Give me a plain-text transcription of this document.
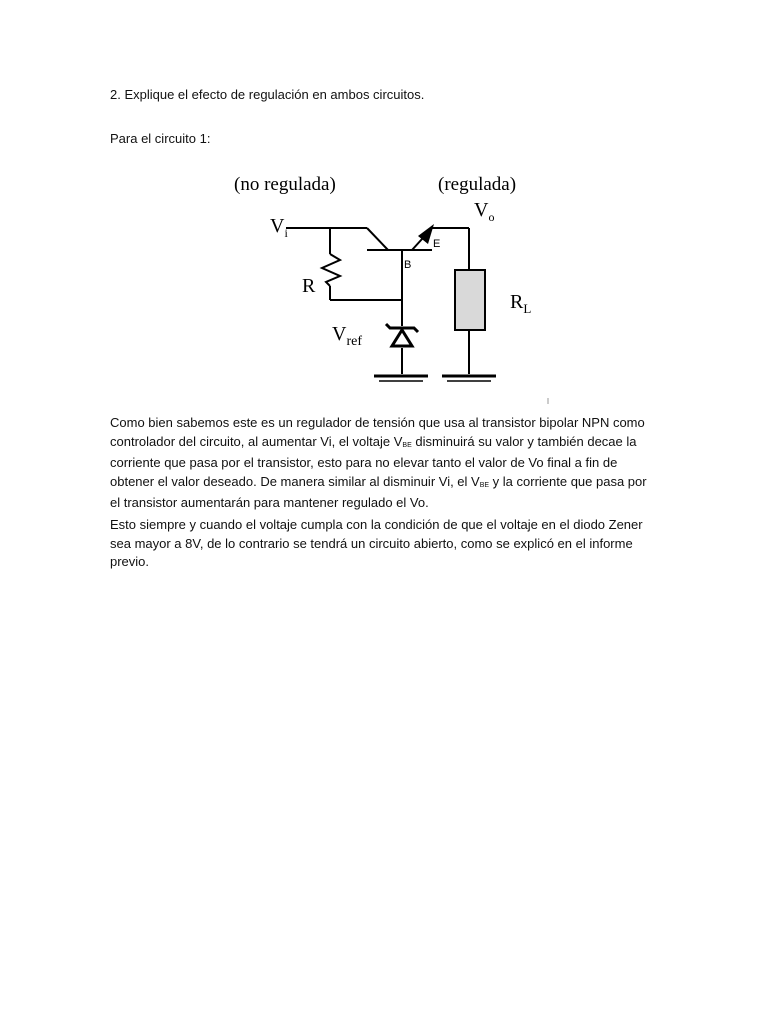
2. Explique el efecto de regulación en ambos circuitos.
Para el circuito 1:
(no regulada)	(regulada)
$V_i$
$V_o$
R
$V_{ref}$
$R_L$
E
B

Como bien sabemos este es un regulador de tensión que usa al transistor bipolar NPN como controlador del circuito, al aumentar Vi, el voltaje VBE disminuirá su valor y también decae la corriente que pasa por el transistor, esto para no elevar tanto el valor de Vo final a fin de obtener el valor deseado. De manera similar al disminuir Vi, el VBE y la corriente que pasa por el transistor aumentarán para mantener regulado el Vo.

Esto siempre y cuando el voltaje cumpla con la condición de que el voltaje en el diodo Zener sea mayor a 8V, de lo contrario se tendrá un circuito abierto, como se explicó en el informe previo.
